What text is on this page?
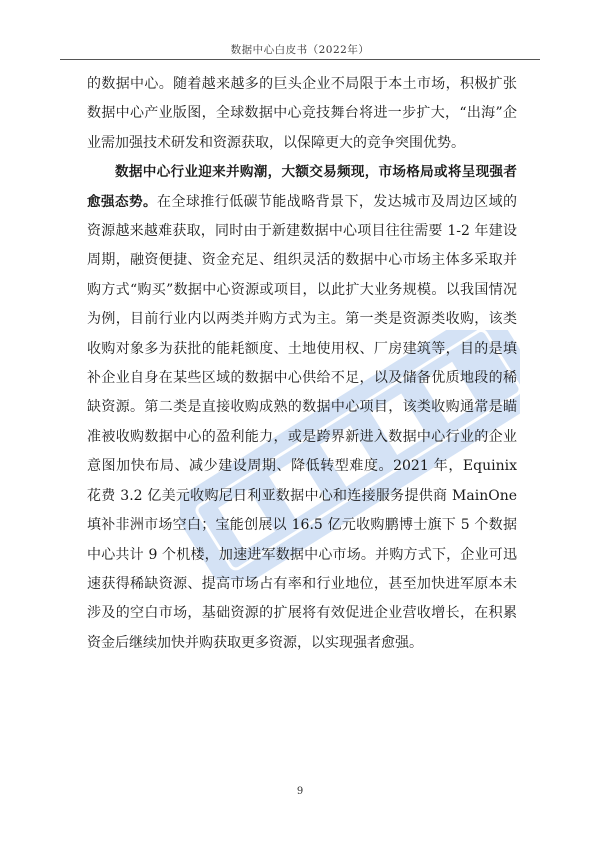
数据中心白皮书（2022年）

的数据中心。随着越来越多的巨头企业不局限于本土市场，积极扩张数据中心产业版图，全球数据中心竞技舞台将进一步扩大，“出海”企业需加强技术研发和资源获取，以保障更大的竞争突围优势。

数据中心行业迎来并购潮，大额交易频现，市场格局或将呈现强者愈强态势。在全球推行低碳节能战略背景下，发达城市及周边区域的资源越来越难获取，同时由于新建数据中心项目往往需要 1-2 年建设周期，融资便捷、资金充足、组织灵活的数据中心市场主体多采取并购方式“购买”数据中心资源或项目，以此扩大业务规模。以我国情况为例，目前行业内以两类并购方式为主。第一类是资源类收购，该类收购对象多为获批的能耗额度、土地使用权、厂房建筑等，目的是填补企业自身在某些区域的数据中心供给不足，以及储备优质地段的稀缺资源。第二类是直接收购成熟的数据中心项目，该类收购通常是瞄准被收购数据中心的盈利能力，或是跨界新进入数据中心行业的企业意图加快布局、减少建设周期、降低转型难度。2021 年，Equinix 花费 3.2 亿美元收购尼日利亚数据中心和连接服务提供商 MainOne 填补非洲市场空白；宝能创展以 16.5 亿元收购鹏博士旗下 5 个数据中心共计 9 个机楼，加速进军数据中心市场。并购方式下，企业可迅速获得稀缺资源、提高市场占有率和行业地位，甚至加快进军原本未涉及的空白市场，基础资源的扩展将有效促进企业营收增长，在积累资金后继续加快并购获取更多资源，以实现强者愈强。

9
